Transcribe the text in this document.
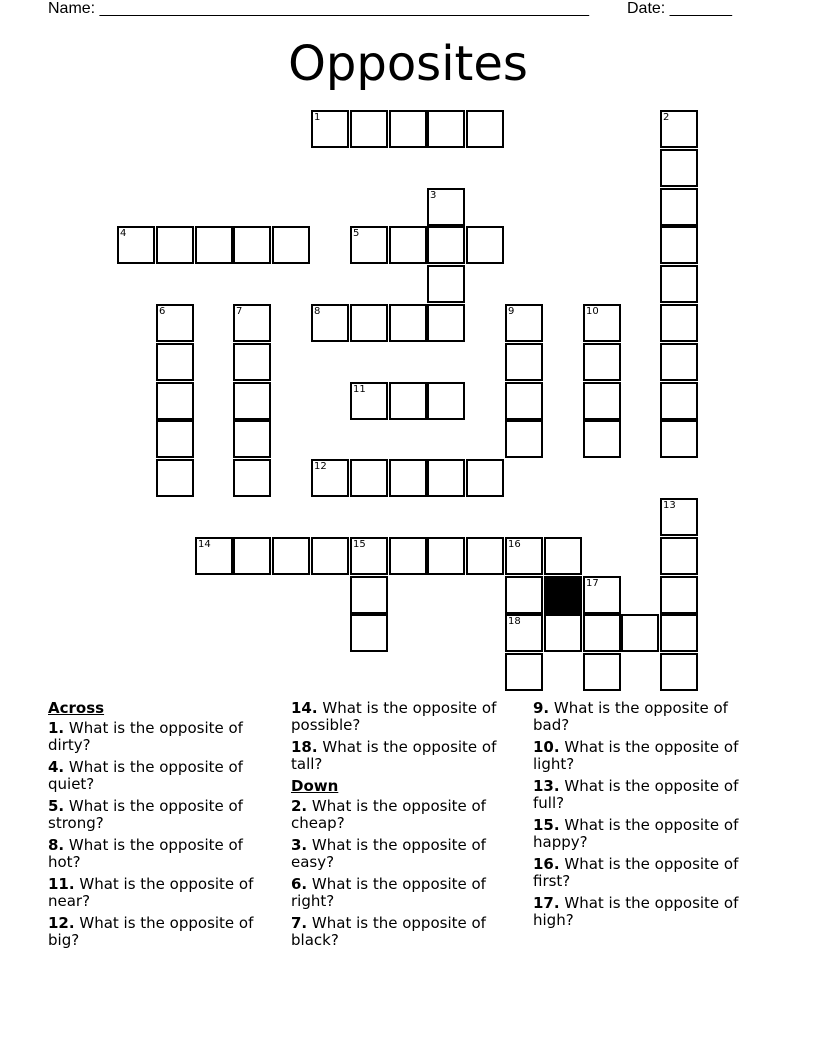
Name: _______________________________________________________ Date: _______
Opposites
1
4	5
8
11
12
14	15	16
18
2
3
6	7	9	10
13
17
Across
1. What is the opposite of dirty?
4. What is the opposite of quiet?
5. What is the opposite of strong?
8. What is the opposite of hot?
11. What is the opposite of near?
12. What is the opposite of big?
14. What is the opposite of possible?
18. What is the opposite of tall?
Down
2. What is the opposite of cheap?
3. What is the opposite of easy?
6. What is the opposite of right?
7. What is the opposite of black?
9. What is the opposite of bad?
10. What is the opposite of light?
13. What is the opposite of full?
15. What is the opposite of happy?
16. What is the opposite of first?
17. What is the opposite of high?
